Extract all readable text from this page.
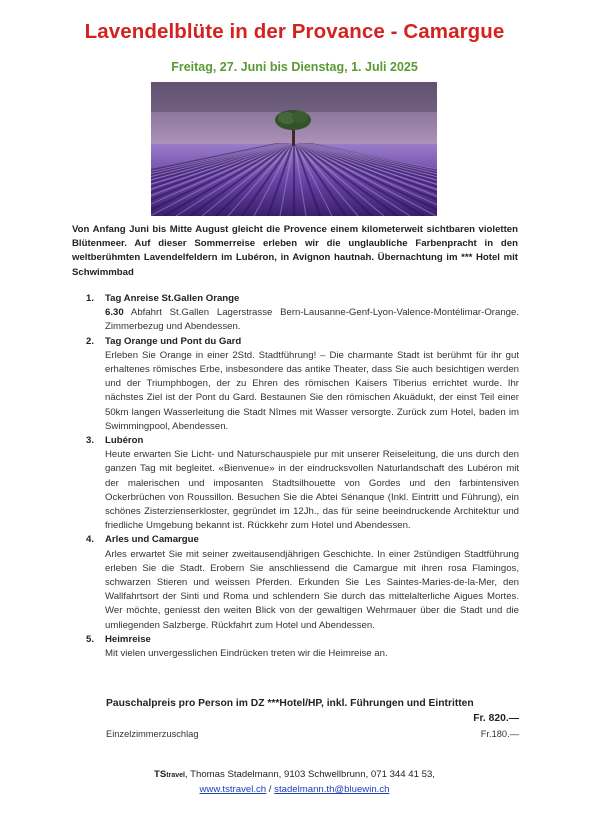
Lavendelblüte in der Provance - Camargue
Freitag, 27. Juni bis Dienstag, 1. Juli 2025
Von Anfang Juni bis Mitte August gleicht die Provence einem kilometerweit sichtbaren violetten Blütenmeer. Auf dieser Sommerreise erleben wir die unglaubliche Farbenpracht in den weltberühmten Lavendelfeldern im Lubéron, in Avignon hautnah. Übernachtung im *** Hotel mit Schwimmbad
1. Tag Anreise St.Gallen Orange
6.30 Abfahrt St.Gallen Lagerstrasse Bern-Lausanne-Genf-Lyon-Valence-Montélimar-Orange. Zimmerbezug und Abendessen.
2. Tag Orange und Pont du Gard
Erleben Sie Orange in einer 2Std. Stadtführung! – Die charmante Stadt ist berühmt für ihr gut erhaltenes römisches Erbe, insbesondere das antike Theater, dass Sie auch besichtigen werden und der Triumphbogen, der zu Ehren des römischen Kaisers Tiberius errichtet wurde. Ihr nächstes Ziel ist der Pont du Gard. Bestaunen Sie den römischen Akuädukt, der einst Teil einer 50km langen Wasserleitung die Stadt Nîmes mit Wasser versorgte. Zurück zum Hotel, baden im Swimmingpool, Abendessen.
3. Lubéron
Heute erwarten Sie Licht- und Naturschauspiele pur mit unserer Reiseleitung, die uns durch den ganzen Tag mit begleitet. «Bienvenue» in der eindrucksvollen Naturlandschaft des Lubéron mit der malerischen und imposanten Stadtsilhouette von Gordes und den farbintensiven Ockerbrüchen von Roussillon. Besuchen Sie die Abtei Sénanque (Inkl. Eintritt und Führung), ein schönes Zisterzienserkloster, gegründet im 12Jh., das für seine beeindruckende Architektur und friedliche Umgebung bekannt ist. Rückkehr zum Hotel und Abendessen.
4. Arles und Camargue
Arles erwartet Sie mit seiner zweitausendjährigen Geschichte. In einer 2stündigen Stadtführung erleben Sie die Stadt. Erobern Sie anschliessend die Camargue mit ihren rosa Flamingos, schwarzen Stieren und weissen Pferden. Erkunden Sie Les Saintes-Maries-de-la-Mer, den Wallfahrtsort der Sinti und Roma und schlendern Sie durch das mittelalterliche Aigues Mortes. Wer möchte, geniesst den weiten Blick von der gewaltigen Wehrmauer über die Stadt und die umliegenden Salzberge. Rückfahrt zum Hotel und Abendessen.
5. Heimreise
Mit vielen unvergesslichen Eindrücken treten wir die Heimreise an.
Pauschalpreis pro Person im DZ ***Hotel/HP, inkl. Führungen und Eintritten
Fr. 820.—
Einzelzimmerzuschlag	Fr.180.—
TStravel, Thomas Stadelmann, 9103 Schwellbrunn, 071 344 41 53,
www.tstravel.ch / stadelmann.th@bluewin.ch
